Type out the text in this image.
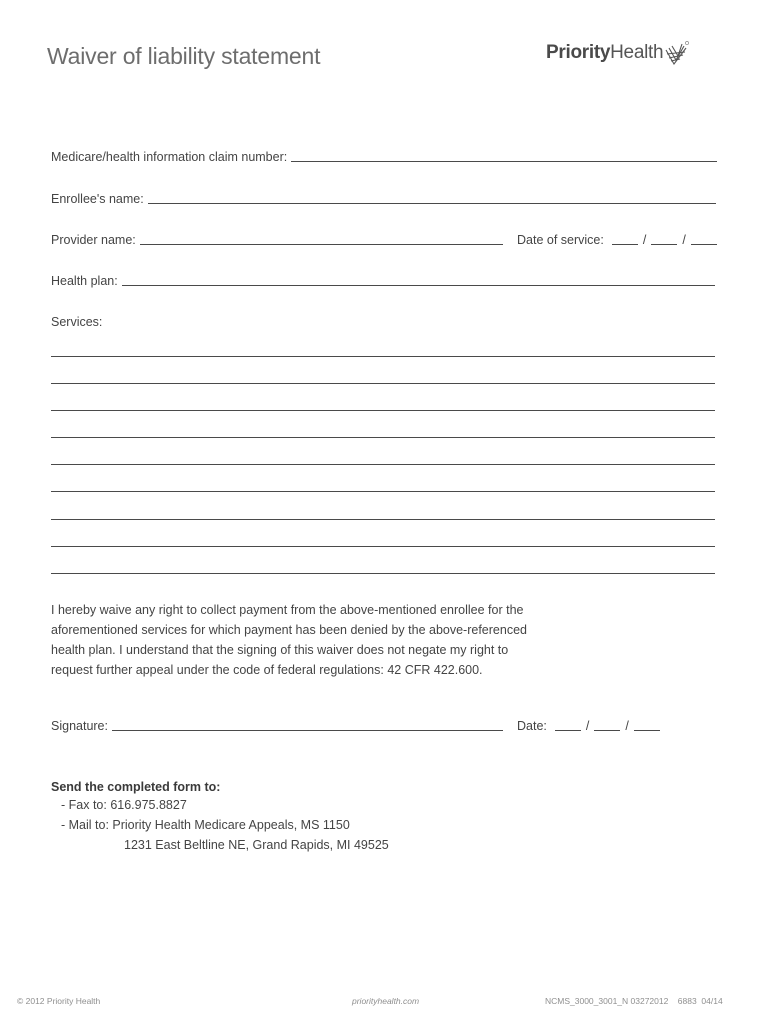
Waiver of liability statement	PriorityHealth
Medicare/health information claim number:
Enrollee's name:
Provider name:	Date of service:	/	/
Health plan:
Services:
I hereby waive any right to collect payment from the above-mentioned enrollee for the
aforementioned services for which payment has been denied by the above-referenced
health plan. I understand that the signing of this waiver does not negate my right to
request further appeal under the code of federal regulations: 42 CFR 422.600.
Signature:	Date:	/	/
Send the completed form to:
- Fax to: 616.975.8827
- Mail to: Priority Health Medicare Appeals, MS 1150
1231 East Beltline NE, Grand Rapids, MI 49525
© 2012 Priority Health	priorityhealth.com	NCMS_3000_3001_N 03272012    6883  04/14
